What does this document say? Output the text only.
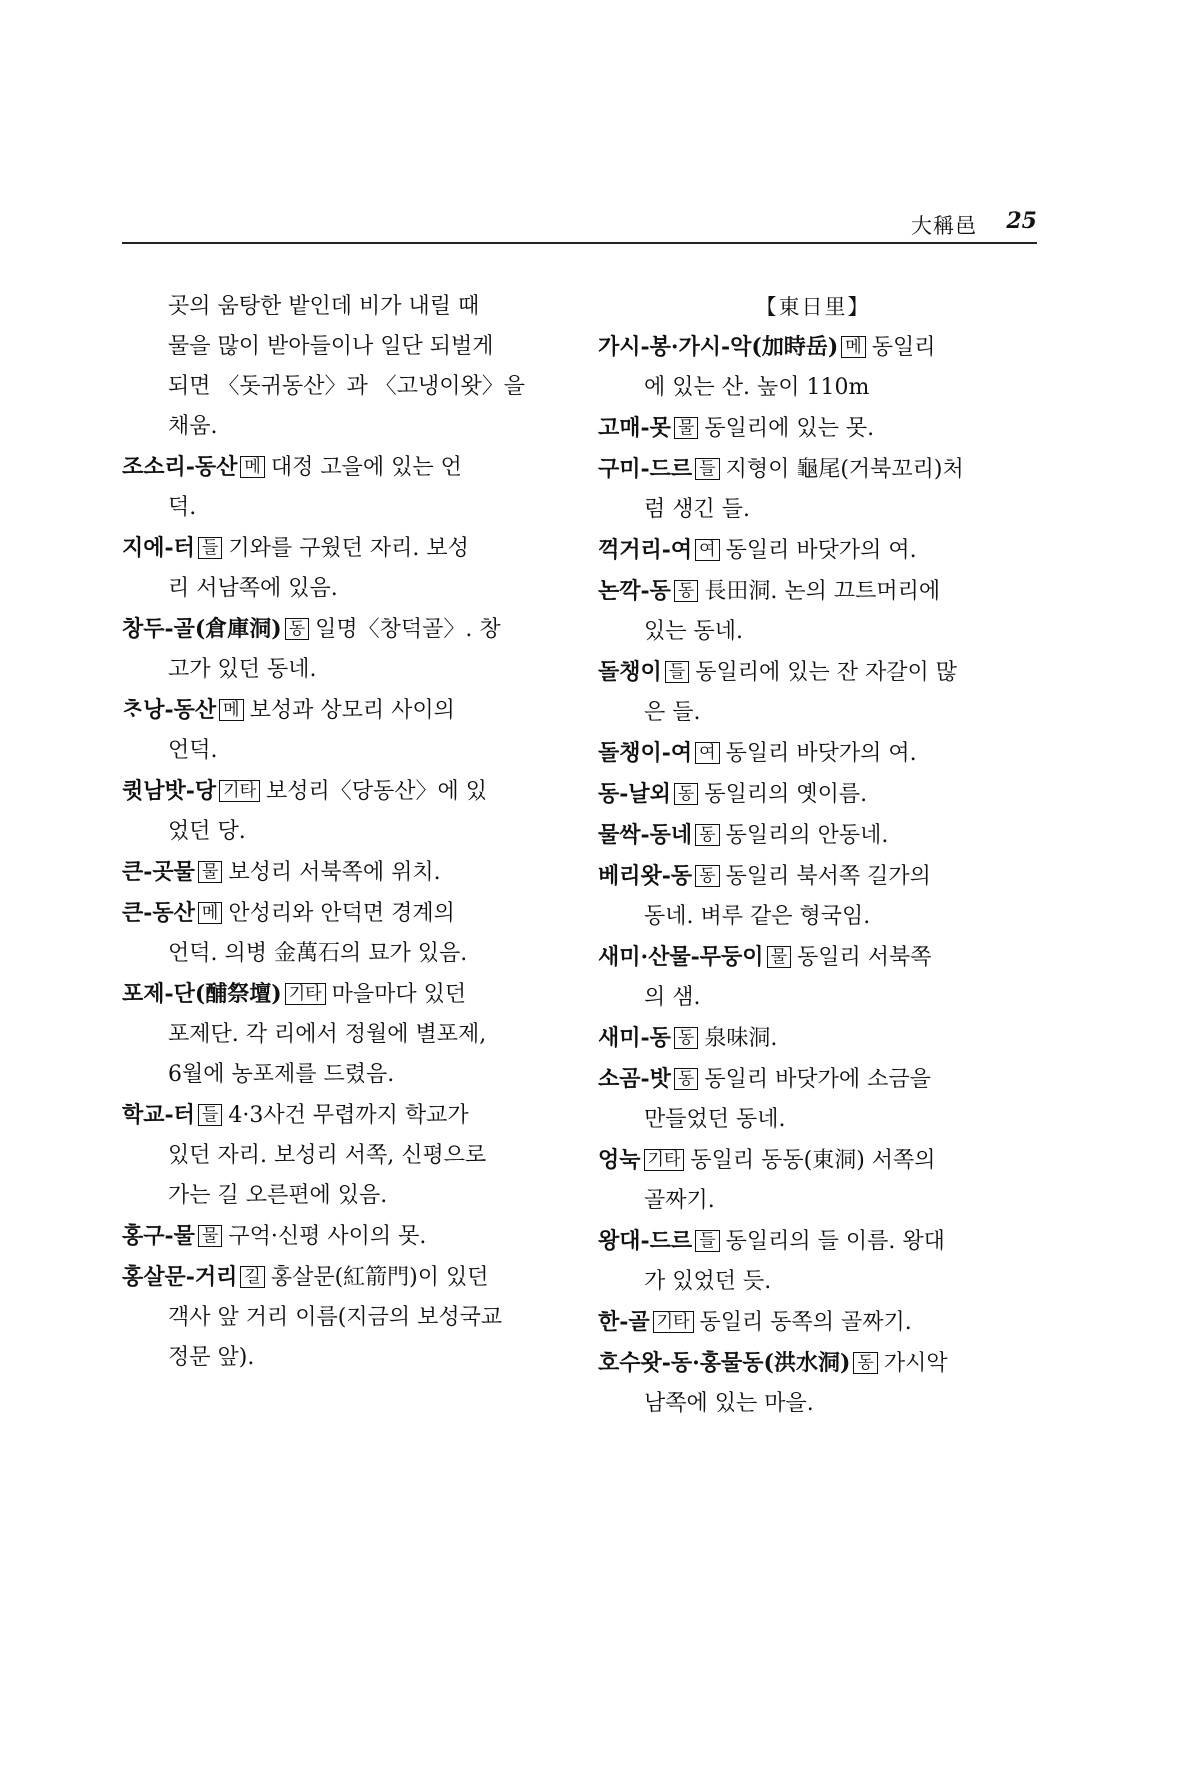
大稱邑 25
곳의 움탕한 밭인데 비가 내릴 때
물을 많이 받아들이나 일단 되벌게
되면 〈돗귀동산〉과 〈고냉이왓〉을
채움.
조소리-동산 메 대정 고을에 있는 언
덕.
지에-터 들 기와를 구웠던 자리. 보성
리 서남쪽에 있음.
창두-골(倉庫洞) 동 일명〈창덕골〉. 창
고가 있던 동네.
ᄎᆞ낭-동산 메 보성과 상모리 사이의
언덕.
큇남밧-당 기타 보성리〈당동산〉에 있
었던 당.
큰-곳물 물 보성리 서북쪽에 위치.
큰-동산 메 안성리와 안덕면 경계의
언덕. 의병 金萬石의 묘가 있음.
포제-단(酺祭壇) 기타 마을마다 있던
포제단. 각 리에서 정월에 별포제,
6월에 농포제를 드렸음.
학교-터 들 4·3사건 무렵까지 학교가
있던 자리. 보성리 서쪽, 신평으로
가는 길 오른편에 있음.
홍구-물 물 구억·신평 사이의 못.
홍살문-거리 길 홍살문(紅箭門)이 있던
객사 앞 거리 이름(지금의 보성국교
정문 앞).
【東日里】
가시-봉·가시-악(加時岳) 메 동일리
에 있는 산. 높이 110m
고매-못 물 동일리에 있는 못.
구미-드르 들 지형이 龜尾(거북꼬리)처
럼 생긴 들.
꺽거리-여 여 동일리 바닷가의 여.
논깍-동 동 長田洞. 논의 끄트머리에
있는 동네.
돌챙이 들 동일리에 있는 잔 자갈이 많
은 들.
돌챙이-여 여 동일리 바닷가의 여.
동-날외 동 동일리의 옛이름.
물싹-동네 동 동일리의 안동네.
베리왓-동 동 동일리 북서쪽 길가의
동네. 벼루 같은 형국임.
새미·산물-무둥이 물 동일리 서북쪽
의 샘.
새미-동 동 泉味洞.
소곰-밧 동 동일리 바닷가에 소금을
만들었던 동네.
엉눅 기타 동일리 동동(東洞) 서쪽의
골짜기.
왕대-드르 들 동일리의 들 이름. 왕대
가 있었던 듯.
한-골 기타 동일리 동쪽의 골짜기.
호수왓-동·홍물동(洪水洞) 동 가시악
남쪽에 있는 마을.
